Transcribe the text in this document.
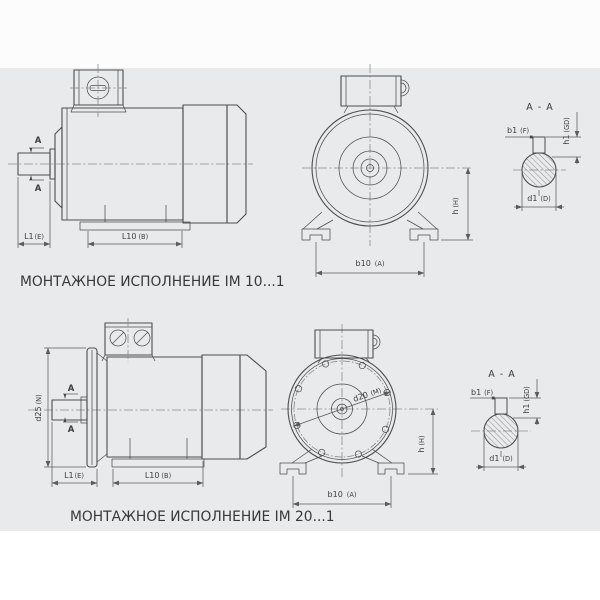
A
A
L1(E)	L10 (B)
h(H)
b10 (A)
A - A
b1 (F)
h1(GD)
d1 (D)
МОНТАЖНОЕ ИСПОЛНЕНИЕ IM 10...1
A
A
d25(N)
L1(E)	L10 (B)
d20(M)
h(H)
b10 (A)
A - A
b1 (F)
h1(GD)
d1 (D)
МОНТАЖНОЕ ИСПОЛНЕНИЕ IM 20...1
